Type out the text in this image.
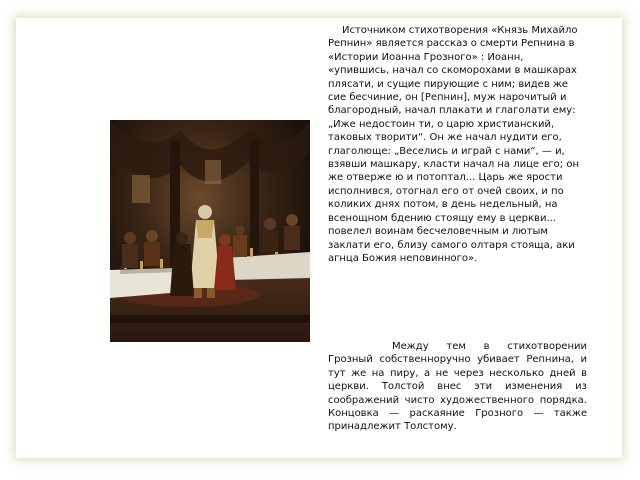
Источником стихотворения «Князь Михайло Репнин» является рассказ о смерти Репнина в «Истории Иоанна Грозного» : Иоанн, «упившись, начал со скоморохами в машкарах плясати, и сущие пирующие с ним; видев же сие бесчиние, он [Репнин], муж нарочитый и благородный, начал плакати и глаголати ему: „Иже недостоин ти, о царю христианский, таковых творити“. Он же начал нудити его, глаголюще: „Веселись и играй с нами“, — и, взявши машкару, класти начал на лице его; он же отверже ю и потоптал... Царь же ярости исполнився, отогнал его от очей своих, и по коликих днях потом, в день недельный, на всенощном бдению стоящу ему в церкви... повелел воинам бесчеловечным и лютым заклати его, близу самого олтаря стояща, аки агнца Божия неповинного».
Между тем в стихотворении Грозный собственноручно убивает Репнина, и тут же на пиру, а не через несколько дней в церкви. Толстой внес эти изменения из соображений чисто художественного порядка. Концовка — раскаяние Грозного — также принадлежит Толстому.
